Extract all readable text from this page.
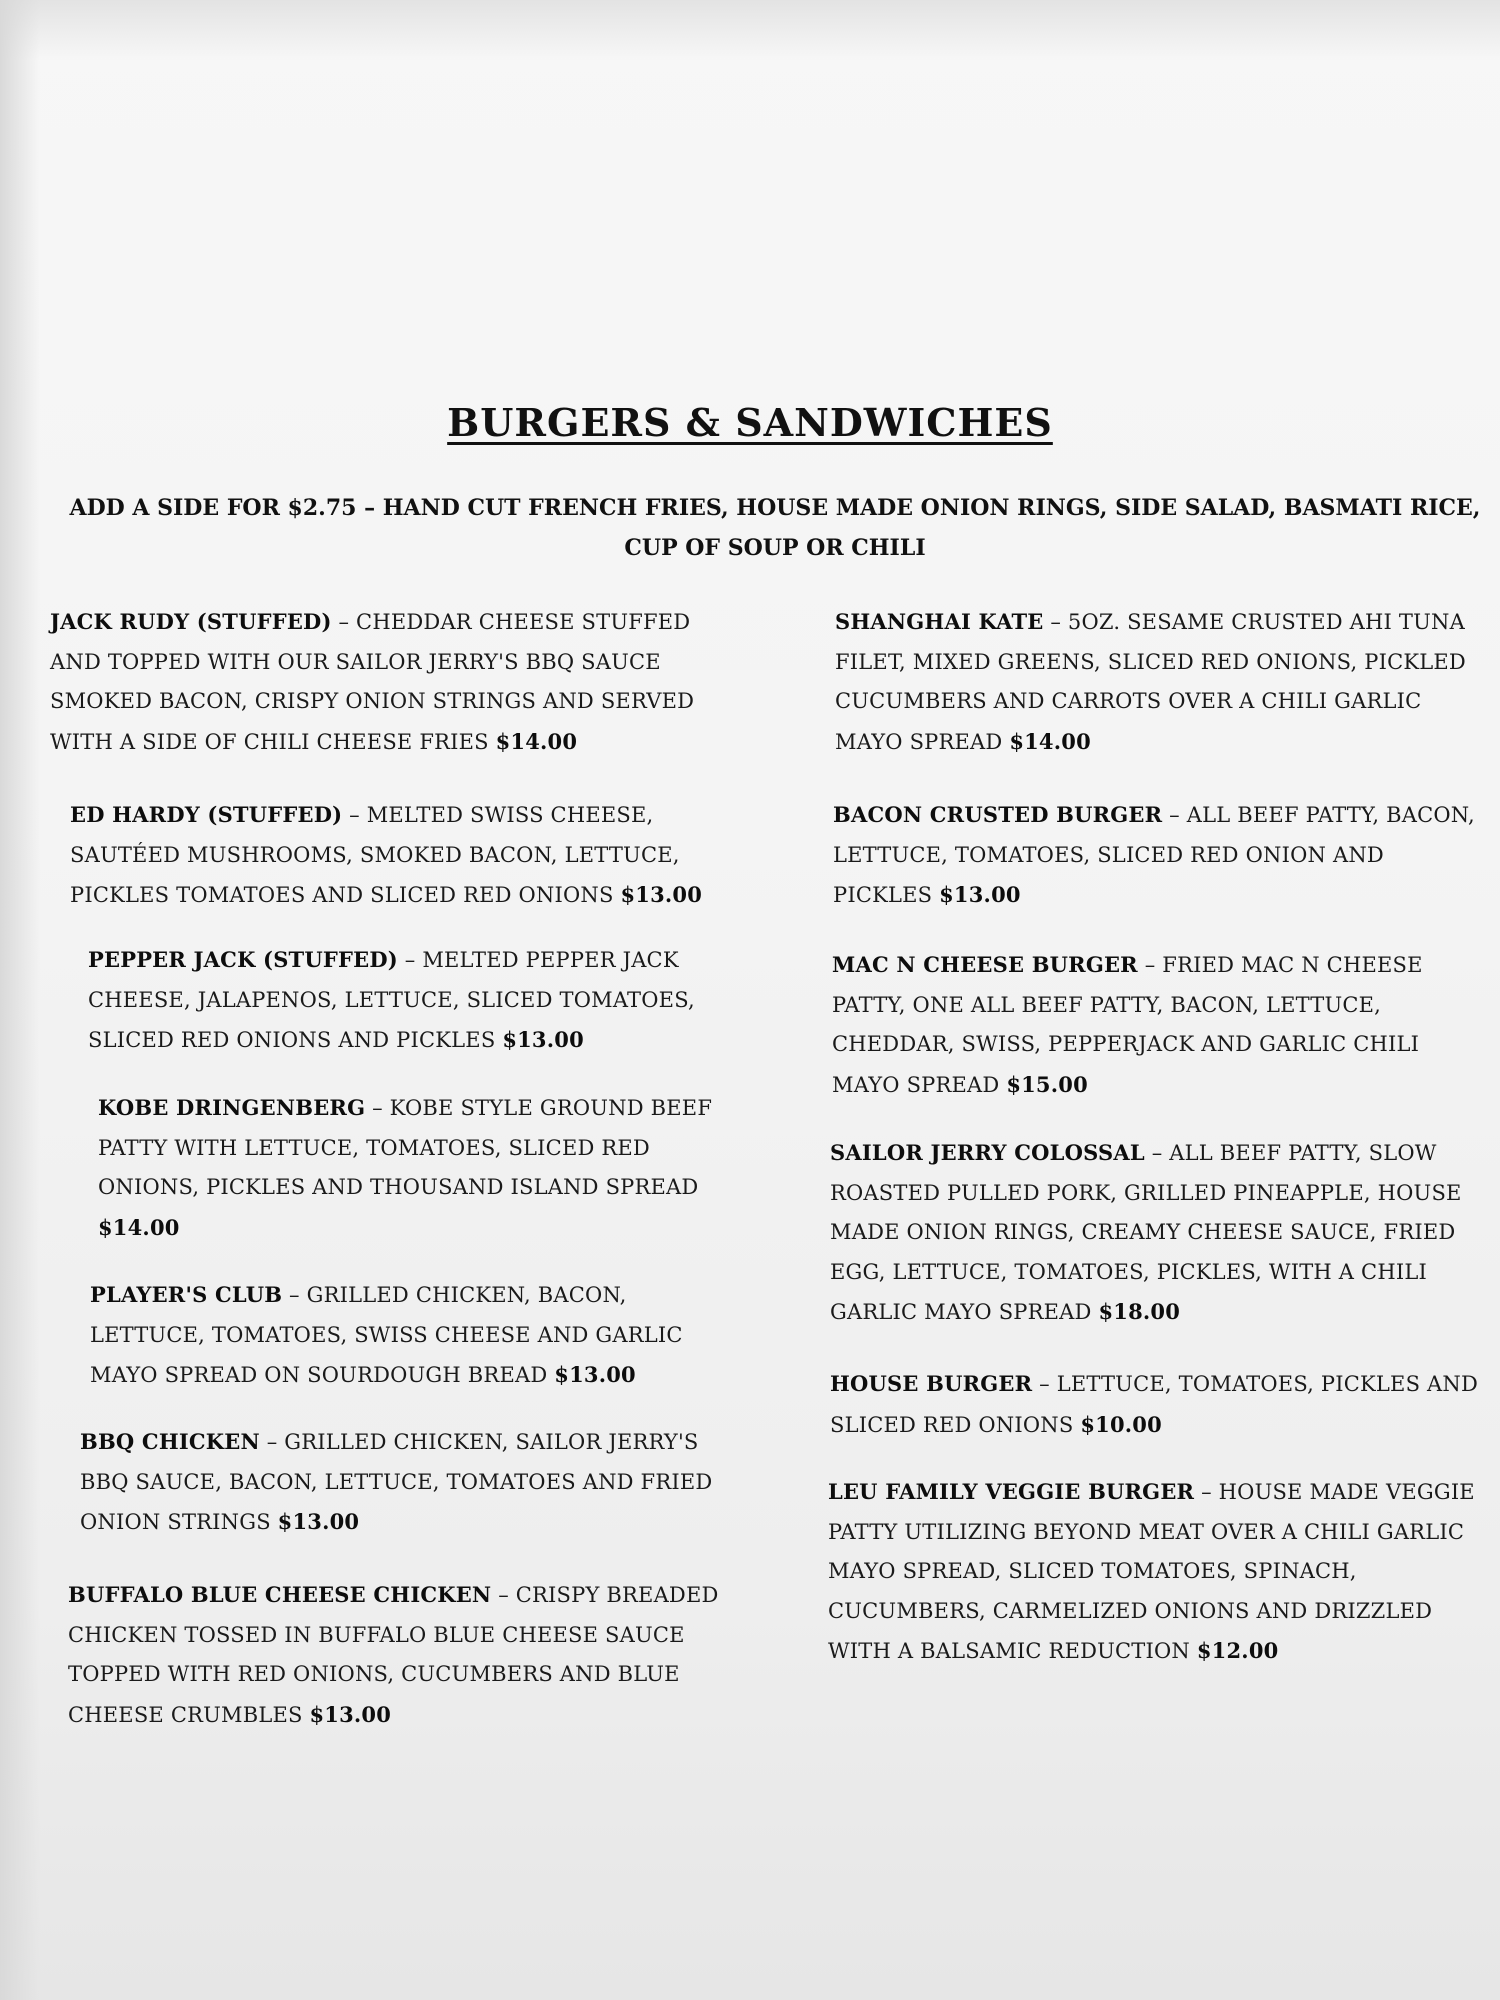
BURGERS & SANDWICHES

ADD A SIDE FOR $2.75 – HAND CUT FRENCH FRIES, HOUSE MADE ONION RINGS, SIDE SALAD, BASMATI RICE, CUP OF SOUP OR CHILI

JACK RUDY (STUFFED) – CHEDDAR CHEESE STUFFED AND TOPPED WITH OUR SAILOR JERRY'S BBQ SAUCE SMOKED BACON, CRISPY ONION STRINGS AND SERVED WITH A SIDE OF CHILI CHEESE FRIES $14.00

ED HARDY (STUFFED) – MELTED SWISS CHEESE, SAUTÉED MUSHROOMS, SMOKED BACON, LETTUCE, PICKLES TOMATOES AND SLICED RED ONIONS $13.00

PEPPER JACK (STUFFED) – MELTED PEPPER JACK CHEESE, JALAPENOS, LETTUCE, SLICED TOMATOES, SLICED RED ONIONS AND PICKLES $13.00

KOBE DRINGENBERG – KOBE STYLE GROUND BEEF PATTY WITH LETTUCE, TOMATOES, SLICED RED ONIONS, PICKLES AND THOUSAND ISLAND SPREAD $14.00

PLAYER'S CLUB – GRILLED CHICKEN, BACON, LETTUCE, TOMATOES, SWISS CHEESE AND GARLIC MAYO SPREAD ON SOURDOUGH BREAD $13.00

BBQ CHICKEN – GRILLED CHICKEN, SAILOR JERRY'S BBQ SAUCE, BACON, LETTUCE, TOMATOES AND FRIED ONION STRINGS $13.00

BUFFALO BLUE CHEESE CHICKEN – CRISPY BREADED CHICKEN TOSSED IN BUFFALO BLUE CHEESE SAUCE TOPPED WITH RED ONIONS, CUCUMBERS AND BLUE CHEESE CRUMBLES $13.00

SHANGHAI KATE – 5OZ. SESAME CRUSTED AHI TUNA FILET, MIXED GREENS, SLICED RED ONIONS, PICKLED CUCUMBERS AND CARROTS OVER A CHILI GARLIC MAYO SPREAD $14.00

BACON CRUSTED BURGER – ALL BEEF PATTY, BACON, LETTUCE, TOMATOES, SLICED RED ONION AND PICKLES $13.00

MAC N CHEESE BURGER – FRIED MAC N CHEESE PATTY, ONE ALL BEEF PATTY, BACON, LETTUCE, CHEDDAR, SWISS, PEPPERJACK AND GARLIC CHILI MAYO SPREAD $15.00

SAILOR JERRY COLOSSAL – ALL BEEF PATTY, SLOW ROASTED PULLED PORK, GRILLED PINEAPPLE, HOUSE MADE ONION RINGS, CREAMY CHEESE SAUCE, FRIED EGG, LETTUCE, TOMATOES, PICKLES, WITH A CHILI GARLIC MAYO SPREAD $18.00

HOUSE BURGER – LETTUCE, TOMATOES, PICKLES AND SLICED RED ONIONS $10.00

LEU FAMILY VEGGIE BURGER – HOUSE MADE VEGGIE PATTY UTILIZING BEYOND MEAT OVER A CHILI GARLIC MAYO SPREAD, SLICED TOMATOES, SPINACH, CUCUMBERS, CARMELIZED ONIONS AND DRIZZLED WITH A BALSAMIC REDUCTION $12.00
